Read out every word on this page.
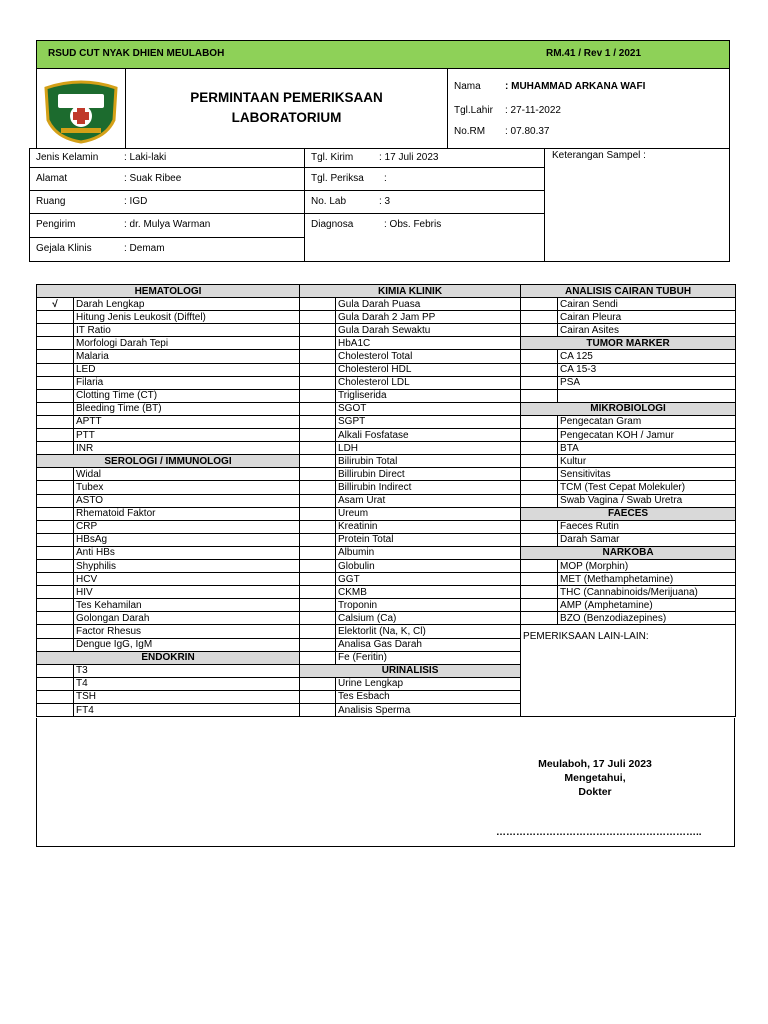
RSUD CUT NYAK DHIEN MEULABOH	RM.41 / Rev 1 / 2021
PERMINTAAN PEMERIKSAAN
LABORATORIUM
Nama : MUHAMMAD ARKANA WAFI
Tgl.Lahir : 27-11-2022
No.RM : 07.80.37
Jenis Kelamin	: Laki-laki
Alamat	: Suak Ribee
Ruang	: IGD
Pengirim	: dr. Mulya Warman
Gejala Klinis	: Demam
Tgl. Kirim	: 17 Juli 2023
Tgl. Periksa :
No. Lab	: 3
Diagnosa	: Obs. Febris
Keterangan Sampel :
HEMATOLOGI		KIMIA KLINIK		ANALISIS CAIRAN TUBUH	
√	Darah Lengkap		Gula Darah Puasa		Cairan Sendi
	Hitung Jenis Leukosit (Difftel)		Gula Darah 2 Jam PP		Cairan Pleura
	IT Ratio		Gula Darah Sewaktu		Cairan Asites
	Morfologi Darah Tepi		HbA1C	TUMOR MARKER	
	Malaria		Cholesterol Total		CA 125
	LED		Cholesterol HDL		CA 15-3
	Filaria		Cholesterol LDL		PSA
	Clotting Time (CT)		Trigliserida		
	Bleeding Time (BT)		SGOT	MIKROBIOLOGI	
	APTT		SGPT		Pengecatan Gram
	PTT		Alkali Fosfatase		Pengecatan KOH / Jamur
	INR		LDH		BTA
SEROLOGI / IMMUNOLOGI			Bilirubin Total		Kultur
	Widal		Billirubin Direct		Sensitivitas
	Tubex		Billirubin Indirect		TCM (Test Cepat Molekuler)
	ASTO		Asam Urat		Swab Vagina / Swab Uretra
	Rhematoid Faktor		Ureum	FAECES	
	CRP		Kreatinin		Faeces Rutin
	HBsAg		Protein Total		Darah Samar
	Anti HBs		Albumin	NARKOBA	
	Shyphilis		Globulin		MOP (Morphin)
	HCV		GGT		MET (Methamphetamine)
	HIV		CKMB		THC (Cannabinoids/Merijuana)
	Tes Kehamilan		Troponin		AMP (Amphetamine)
	Golongan Darah		Calsium (Ca)		BZO (Benzodiazepines)
	Factor Rhesus		Elektorlit (Na, K, Cl)	PEMERIKSAAN LAIN-LAIN:	
	Dengue IgG, IgM		Analisa Gas Darah		
ENDOKRIN			Fe (Feritin)		
	T3	URINALISIS			
	T4		Urine Lengkap		
	TSH		Tes Esbach		
	FT4		Analisis Sperma		
Meulaboh, 17 Juli 2023
Mengetahui,
Dokter
……………………………………………………..
